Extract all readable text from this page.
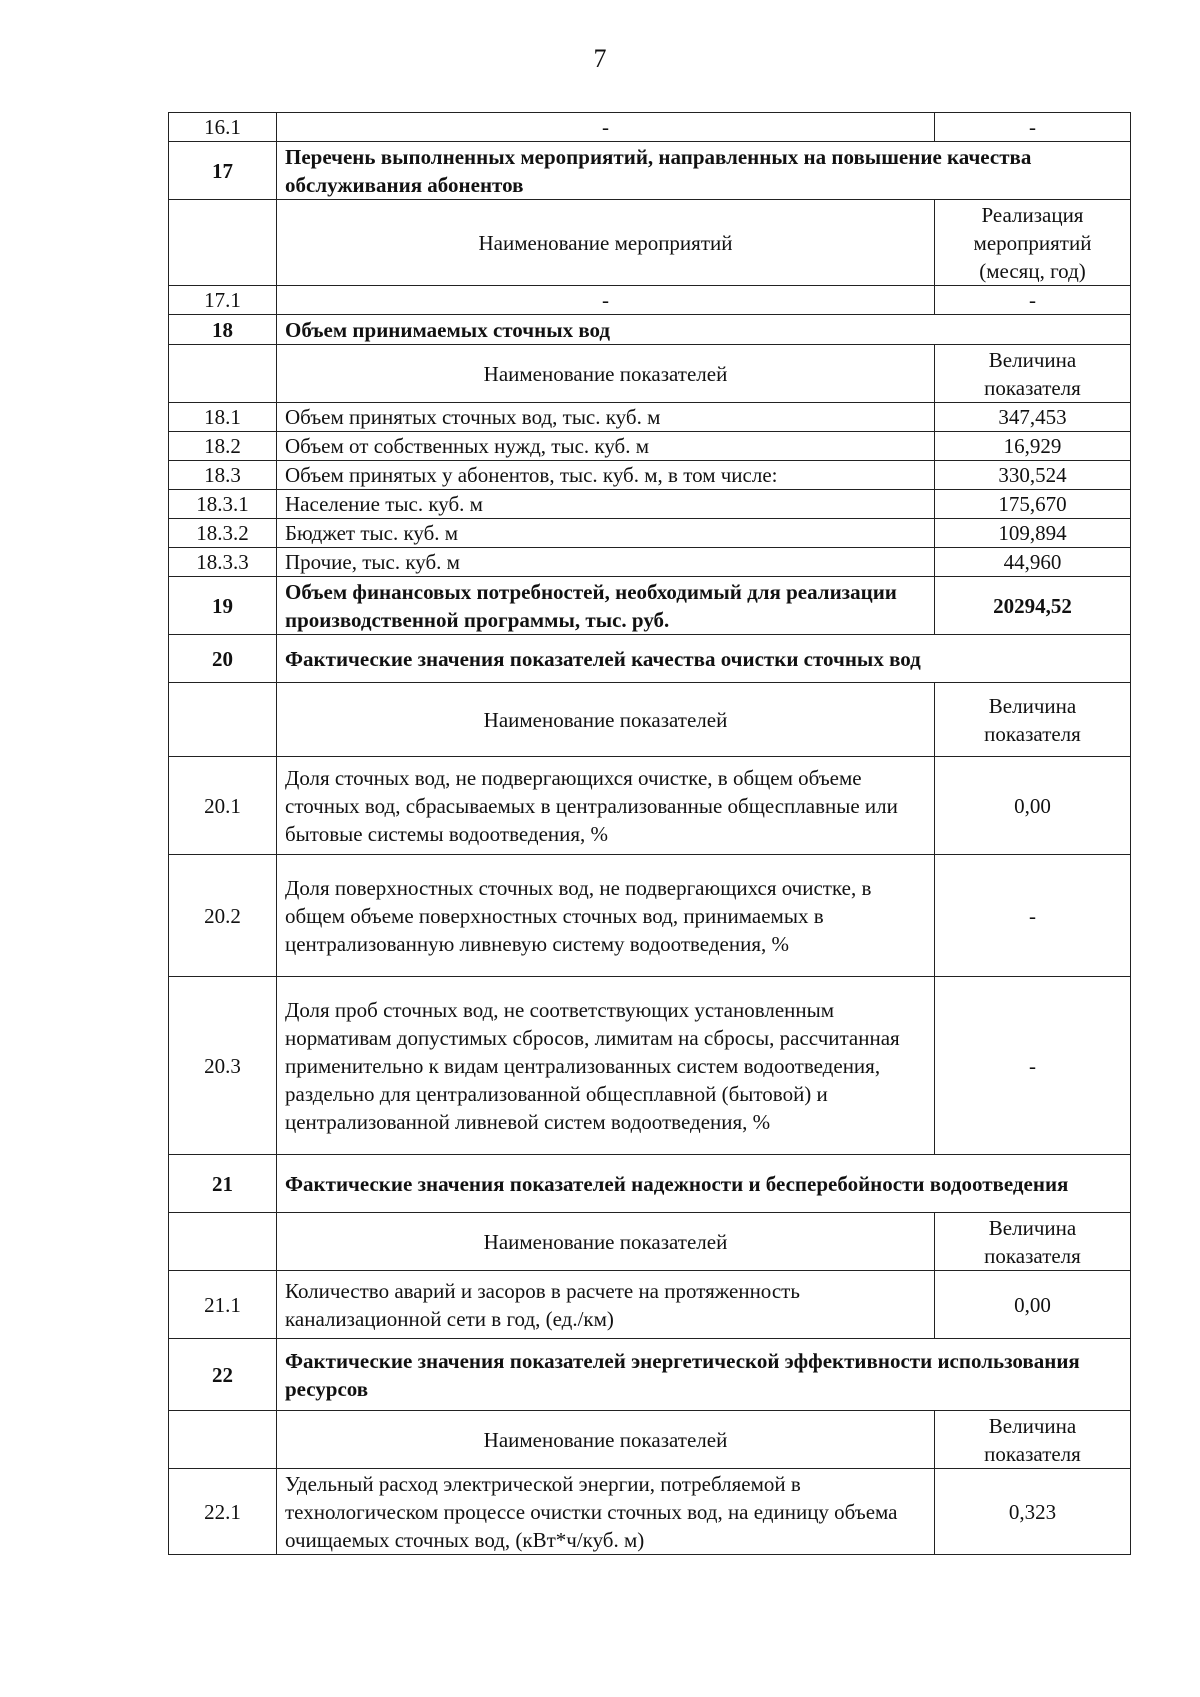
7
16.1	-	-
17	Перечень выполненных мероприятий, направленных на повышение качества обслуживания абонентов	
	Наименование мероприятий	Реализация мероприятий (месяц, год)
17.1	-	-
18	Объем принимаемых сточных вод	
	Наименование показателей	Величина показателя
18.1	Объем принятых сточных вод, тыс. куб. м	347,453
18.2	Объем от собственных нужд, тыс. куб. м	16,929
18.3	Объем принятых у абонентов, тыс. куб. м, в том числе:	330,524
18.3.1	Население тыс. куб. м	175,670
18.3.2	Бюджет тыс. куб. м	109,894
18.3.3	Прочие, тыс. куб. м	44,960
19	Объем финансовых потребностей, необходимый для реализации производственной программы, тыс. руб.	20294,52
20	Фактические значения показателей качества очистки сточных вод	
	Наименование показателей	Величина показателя
20.1	Доля сточных вод, не подвергающихся очистке, в общем объеме сточных вод, сбрасываемых в централизованные общесплавные или бытовые системы водоотведения, %	0,00
20.2	Доля поверхностных сточных вод, не подвергающихся очистке, в общем объеме поверхностных сточных вод, принимаемых в централизованную ливневую систему водоотведения, %	-
20.3	Доля проб сточных вод, не соответствующих установленным нормативам допустимых сбросов, лимитам на сбросы, рассчитанная применительно к видам централизованных систем водоотведения, раздельно для централизованной общесплавной (бытовой) и централизованной ливневой систем водоотведения, %	-
21	Фактические значения показателей надежности и бесперебойности водоотведения	
	Наименование показателей	Величина показателя
21.1	Количество аварий и засоров в расчете на протяженность канализационной сети в год, (ед./км)	0,00
22	Фактические значения показателей энергетической эффективности использования ресурсов	
	Наименование показателей	Величина показателя
22.1	Удельный расход электрической энергии, потребляемой в технологическом процессе очистки сточных вод, на единицу объема очищаемых сточных вод, (кВт*ч/куб. м)	0,323
